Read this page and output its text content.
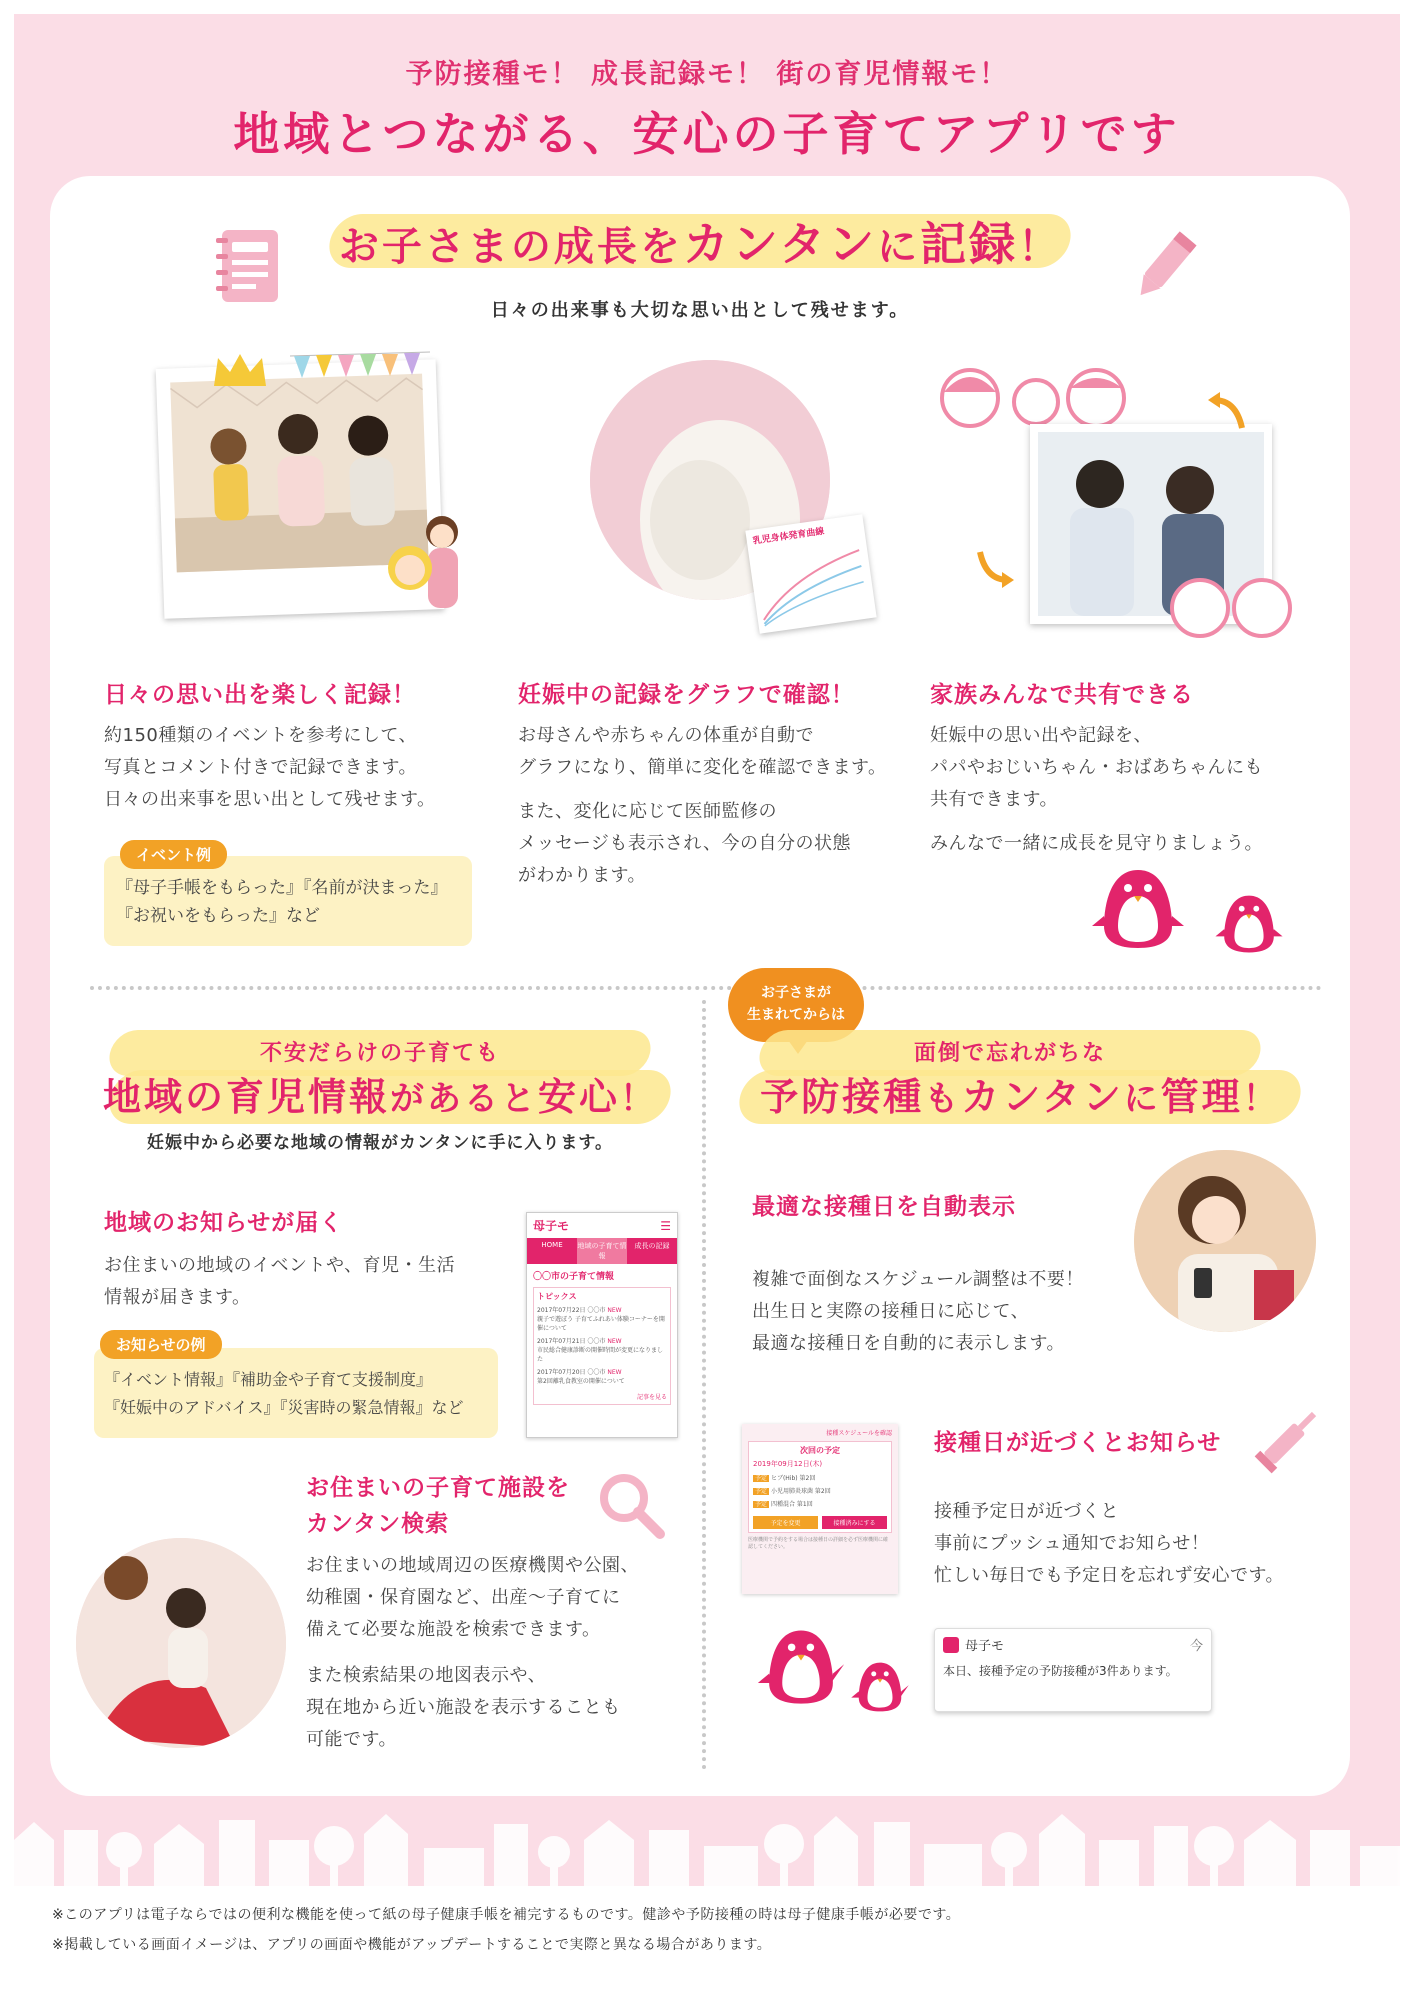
予防接種モ！ 成長記録モ！ 街の育児情報モ！
地域とつながる、安心の子育てアプリです
お子さまの成長をカンタンに記録！
日々の出来事も大切な思い出として残せます。
乳児身体発育曲線
日々の思い出を楽しく記録！
約150種類のイベントを参考にして、
写真とコメント付きで記録できます。
日々の出来事を思い出として残せます。
イベント例
『母子手帳をもらった』『名前が決まった』
『お祝いをもらった』など
妊娠中の記録をグラフで確認！
お母さんや赤ちゃんの体重が自動で
グラフになり、簡単に変化を確認できます。
また、変化に応じて医師監修の
メッセージも表示され、今の自分の状態
がわかります。
家族みんなで共有できる
妊娠中の思い出や記録を、
パパやおじいちゃん・おばあちゃんにも
共有できます。
みんなで一緒に成長を見守りましょう。
不安だらけの子育ても
地域の育児情報があると安心！
妊娠中から必要な地域の情報がカンタンに手に入ります。
地域のお知らせが届く
お住まいの地域のイベントや、育児・生活
情報が届きます。
お知らせの例
『イベント情報』『補助金や子育て支援制度』
『妊娠中のアドバイス』『災害時の緊急情報』など
母子モ	☰
HOME	地域の子育て情報
成長の記録
〇〇市の子育て情報
トピックス
2017年07月22日 〇〇市 NEW
親子で遊ぼう 子育てふれあい体験コーナーを開催について
2017年07月21日 〇〇市 NEW
市民総合健康診断の開催時間が変更になりました
2017年07月20日 〇〇市 NEW
第2回離乳食教室の開催について
記事を見る
お住まいの子育て施設を
カンタン検索
お住まいの地域周辺の医療機関や公園、
幼稚園・保育園など、出産〜子育てに
備えて必要な施設を検索できます。
また検索結果の地図表示や、
現在地から近い施設を表示することも
可能です。
お子さまが
生まれてからは
面倒で忘れがちな
予防接種もカンタンに管理！
最適な接種日を自動表示
複雑で面倒なスケジュール調整は不要！
出生日と実際の接種日に応じて、
最適な接種日を自動的に表示します。
接種スケジュールを確認
次回の予定
2019年09月12日(木)
予定 ヒブ(Hib) 第2回
予定 小児用肺炎球菌 第2回
予定 四種混合 第1回
予定を変更	接種済みにする
医療機関で予約をする場合は接種日の詳細を必ず医療機関に確認してください。
接種日が近づくとお知らせ
接種予定日が近づくと
事前にプッシュ通知でお知らせ！
忙しい毎日でも予定日を忘れず安心です。
母子モ	今
本日、接種予定の予防接種が3件あります。
※このアプリは電子ならではの便利な機能を使って紙の母子健康手帳を補完するものです。健診や予防接種の時は母子健康手帳が必要です。
※掲載している画面イメージは、アプリの画面や機能がアップデートすることで実際と異なる場合があります。
